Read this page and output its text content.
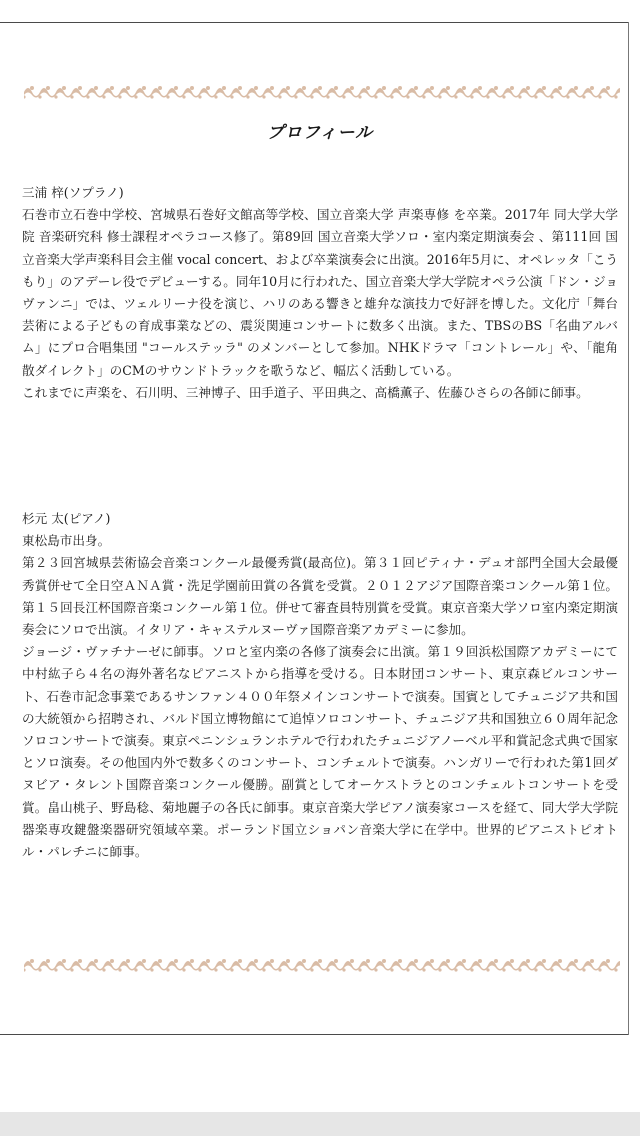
プロフィール

三浦 梓(ソプラノ)

石巻市立石巻中学校、宮城県石巻好文館高等学校、国立音楽大学 声楽専修 を卒業。2017年 同大学大学院 音楽研究科 修士課程オペラコース修了。第89回 国立音楽大学ソロ・室内楽定期演奏会 、第111回 国立音楽大学声楽科目会主催 vocal concert、および卒業演奏会に出演。2016年5月に、オペレッタ「こうもり」のアデーレ役でデビューする。同年10月に行われた、国立音楽大学大学院オペラ公演「ドン・ジョヴァンニ」では、ツェルリーナ役を演じ、ハリのある響きと雄弁な演技力で好評を博した。文化庁「舞台芸術による子どもの育成事業などの、震災関連コンサートに数多く出演。また、TBSのBS「名曲アルバム」にプロ合唱集団 "コールステッラ" のメンバーとして参加。NHKドラマ「コントレール」や、「龍角散ダイレクト」のCMのサウンドトラックを歌うなど、幅広く活動している。

これまでに声楽を、石川明、三神博子、田手道子、平田典之、高橋薫子、佐藤ひさらの各師に師事。

杉元 太(ピアノ)

東松島市出身。

第２３回宮城県芸術協会音楽コンクール最優秀賞(最高位)。第３１回ピティナ・デュオ部門全国大会最優秀賞併せて全日空ＡＮＡ賞・洗足学園前田賞の各賞を受賞。２０１２アジア国際音楽コンクール第１位。第１５回長江杯国際音楽コンクール第１位。併せて審査員特別賞を受賞。東京音楽大学ソロ室内楽定期演奏会にソロで出演。イタリア・キャステルヌーヴァ国際音楽アカデミーに参加。

ジョージ・ヴァチナーゼに師事。ソロと室内楽の各修了演奏会に出演。第１９回浜松国際アカデミーにて中村紘子ら４名の海外著名なピアニストから指導を受ける。日本財団コンサート、東京森ビルコンサート、石巻市記念事業であるサンファン４００年祭メインコンサートで演奏。国賓としてチュニジア共和国の大統領から招聘され、バルド国立博物館にて追悼ソロコンサート、チュニジア共和国独立６０周年記念ソロコンサートで演奏。東京ペニンシュランホテルで行われたチュニジアノーベル平和賞記念式典で国家とソロ演奏。その他国内外で数多くのコンサート、コンチェルトで演奏。ハンガリーで行われた第1回ダヌビア・タレント国際音楽コンクール優勝。副賞としてオーケストラとのコンチェルトコンサートを受賞。畠山桃子、野島稔、菊地麗子の各氏に師事。東京音楽大学ピアノ演奏家コースを経て、同大学大学院器楽専攻鍵盤楽器研究領域卒業。ポーランド国立ショパン音楽大学に在学中。世界的ピアニストピオトル・パレチニに師事。
